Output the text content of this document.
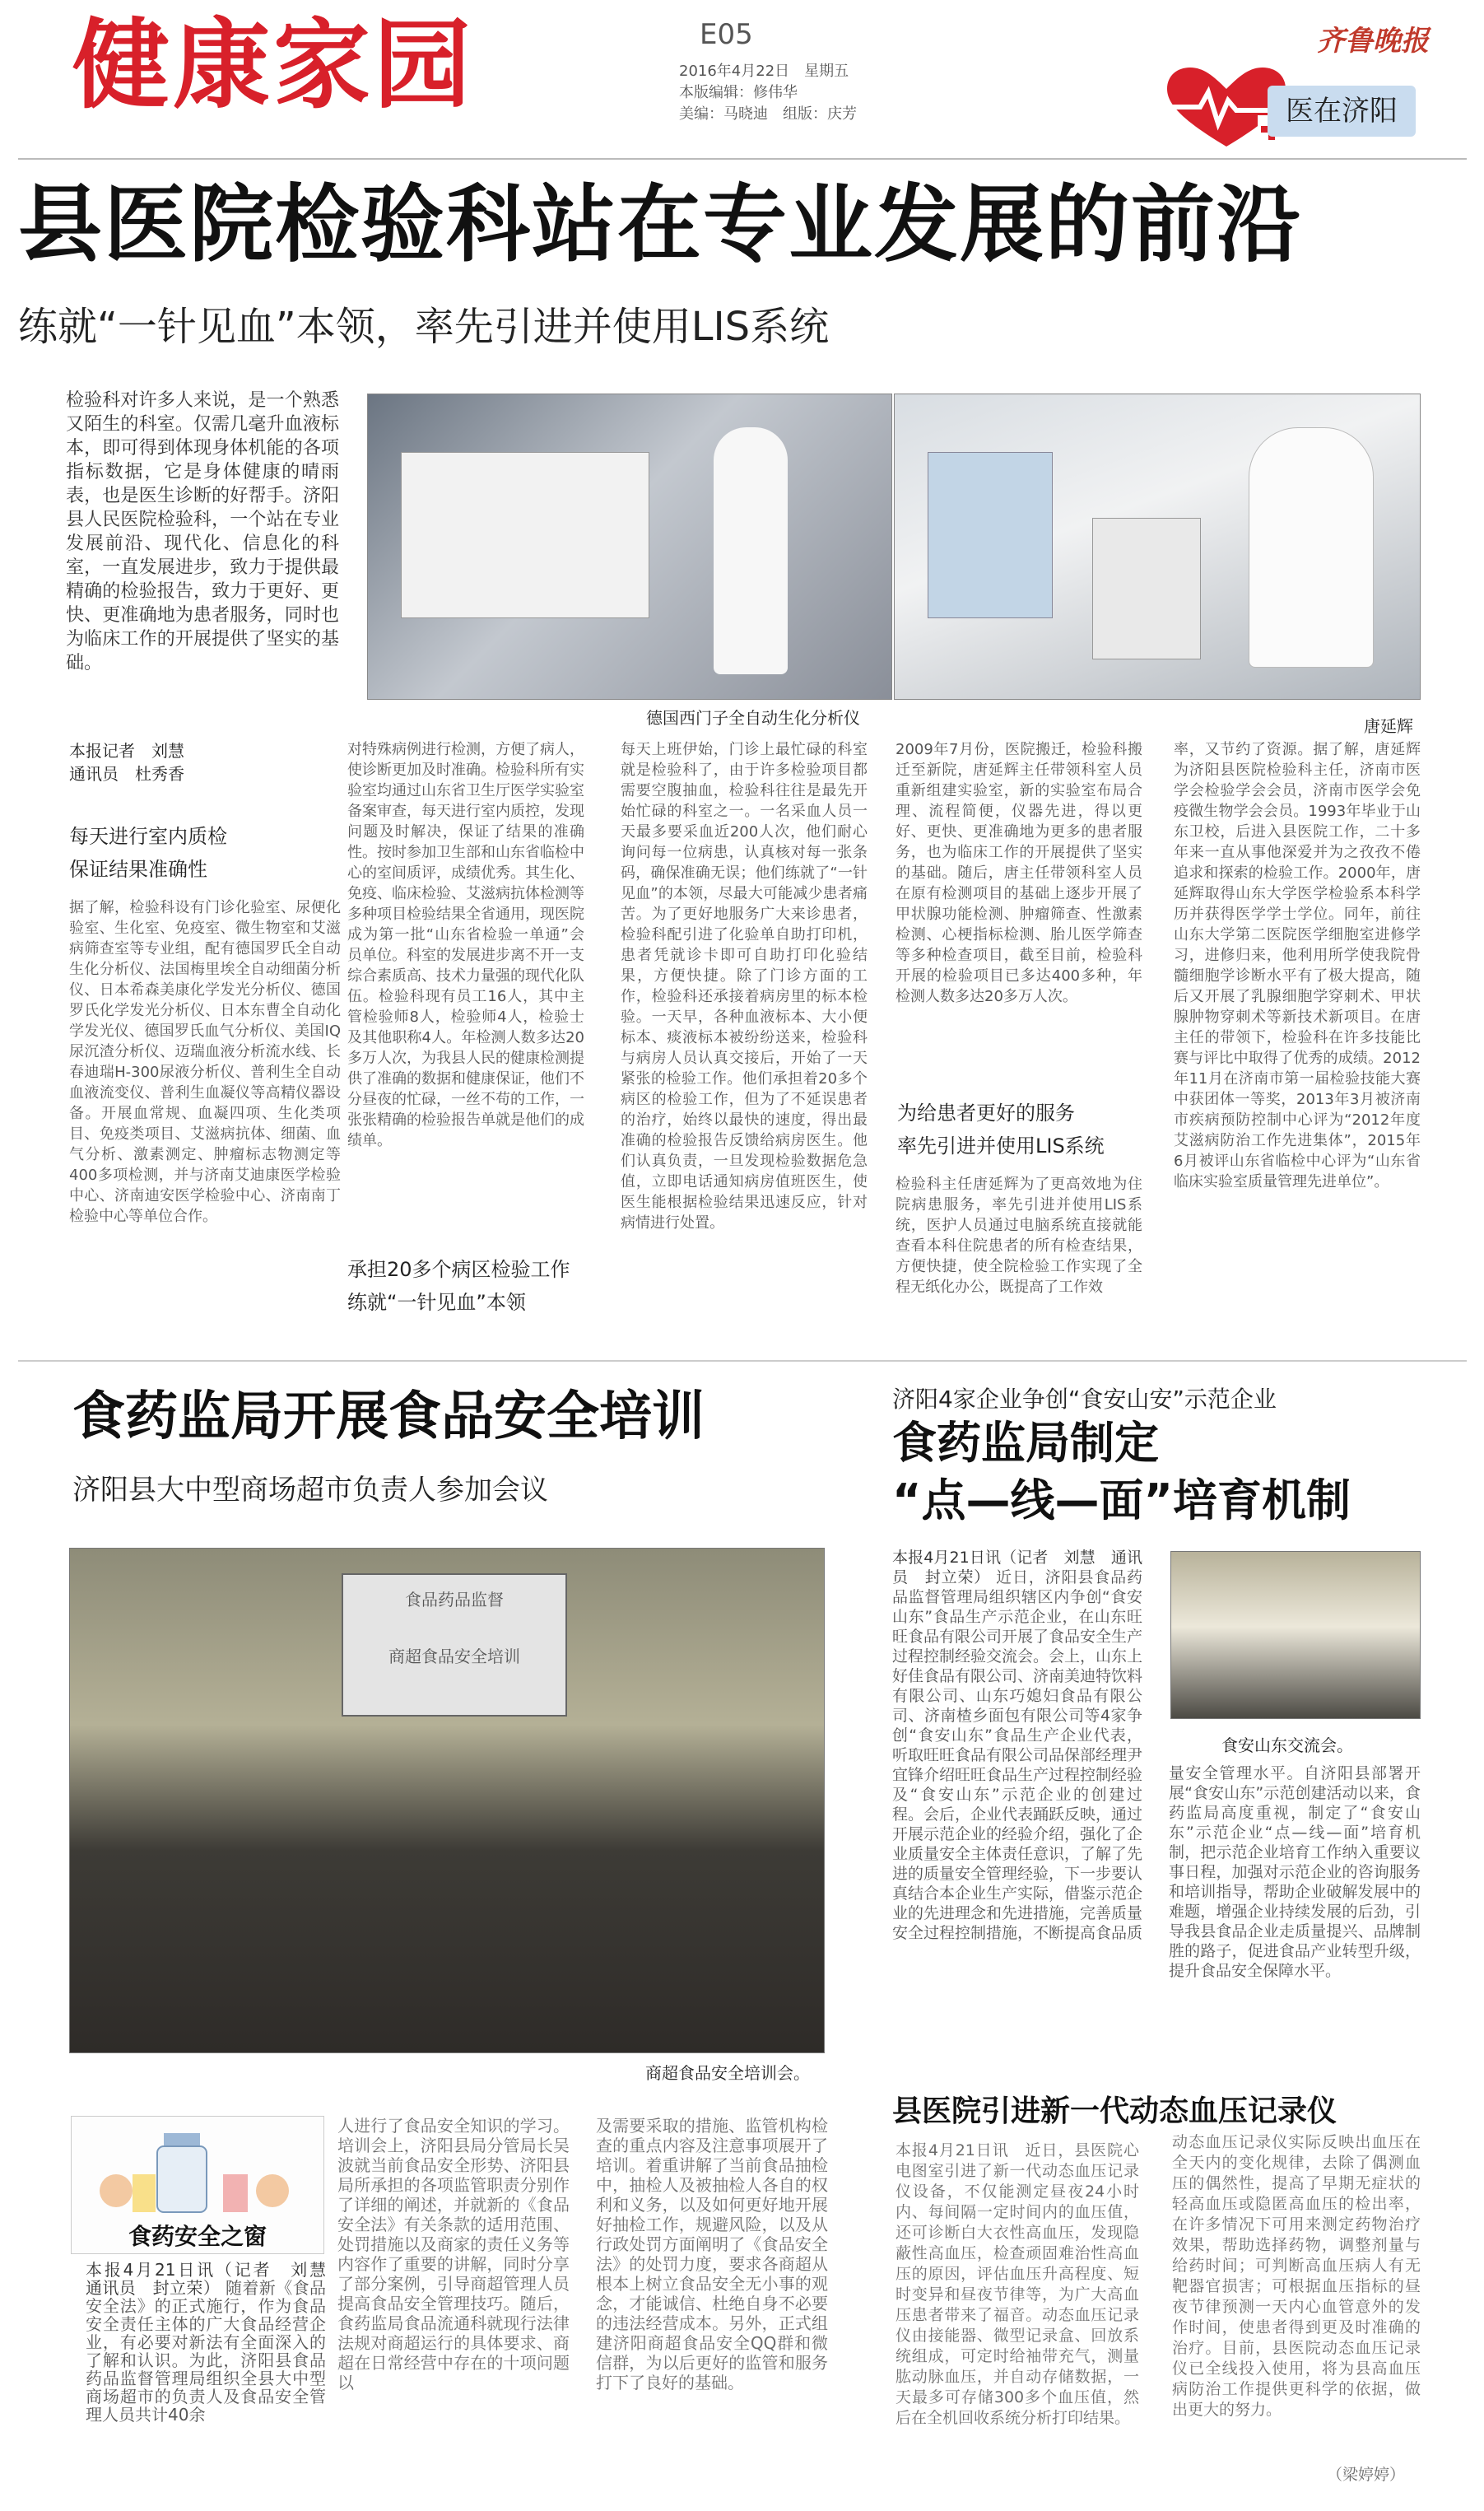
健康家园	E05
2016年4月22日　星期五
本版编辑：修伟华
美编：马晓迪　组版：庆芳
齐鲁晚报
医在济阳
县医院检验科站在专业发展的前沿
练就“一针见血”本领，率先引进并使用LIS系统
检验科对许多人来说，是一个熟悉又陌生的科室。仅需几毫升血液标本，即可得到体现身体机能的各项指标数据，它是身体健康的晴雨表，也是医生诊断的好帮手。济阳县人民医院检验科，一个站在专业发展前沿、现代化、信息化的科室，一直发展进步，致力于提供最精确的检验报告，致力于更好、更快、更准确地为患者服务，同时也为临床工作的开展提供了坚实的基础。
德国西门子全自动生化分析仪	唐延辉
本报记者　刘慧
通讯员　杜秀香
每天进行室内质检
保证结果准确性
据了解，检验科设有门诊化验室、尿便化验室、生化室、免疫室、微生物室和艾滋病筛查室等专业组，配有德国罗氏全自动生化分析仪、法国梅里埃全自动细菌分析仪、日本希森美康化学发光分析仪、德国罗氏化学发光分析仪、日本东曹全自动化学发光仪、德国罗氏血气分析仪、美国IQ尿沉渣分析仪、迈瑞血液分析流水线、长春迪瑞H-300尿液分析仪、普利生全自动血液流变仪、普利生血凝仪等高精仪器设备。开展血常规、血凝四项、生化类项目、免疫类项目、艾滋病抗体、细菌、血气分析、激素测定、肿瘤标志物测定等400多项检测，并与济南艾迪康医学检验中心、济南迪安医学检验中心、济南南丁检验中心等单位合作。
对特殊病例进行检测，方便了病人，使诊断更加及时准确。检验科所有实验室均通过山东省卫生厅医学实验室备案审查，每天进行室内质控，发现问题及时解决，保证了结果的准确性。按时参加卫生部和山东省临检中心的室间质评，成绩优秀。其生化、免疫、临床检验、艾滋病抗体检测等多种项目检验结果全省通用，现医院成为第一批“山东省检验一单通”会员单位。科室的发展进步离不开一支综合素质高、技术力量强的现代化队伍。检验科现有员工16人，其中主管检验师8人，检验师4人，检验士及其他职称4人。年检测人数多达20多万人次，为我县人民的健康检测提供了准确的数据和健康保证，他们不分昼夜的忙碌，一丝不苟的工作，一张张精确的检验报告单就是他们的成绩单。
承担20多个病区检验工作
练就“一针见血”本领
每天上班伊始，门诊上最忙碌的科室就是检验科了，由于许多检验项目都需要空腹抽血，检验科往往是最先开始忙碌的科室之一。一名采血人员一天最多要采血近200人次，他们耐心询问每一位病患，认真核对每一张条码，确保准确无误；他们练就了“一针见血”的本领，尽最大可能减少患者痛苦。为了更好地服务广大来诊患者，检验科配引进了化验单自助打印机，患者凭就诊卡即可自助打印化验结果，方便快捷。除了门诊方面的工作，检验科还承接着病房里的标本检验。一天早，各种血液标本、大小便标本、痰液标本被纷纷送来，检验科与病房人员认真交接后，开始了一天紧张的检验工作。他们承担着20多个病区的检验工作，但为了不延误患者的治疗，始终以最快的速度，得出最准确的检验报告反馈给病房医生。他们认真负责，一旦发现检验数据危急值，立即电话通知病房值班医生，使医生能根据检验结果迅速反应，针对病情进行处置。
2009年7月份，医院搬迁，检验科搬迁至新院，唐延辉主任带领科室人员重新组建实验室，新的实验室布局合理、流程简便，仪器先进，得以更好、更快、更准确地为更多的患者服务，也为临床工作的开展提供了坚实的基础。随后，唐主任带领科室人员在原有检测项目的基础上逐步开展了甲状腺功能检测、肿瘤筛查、性激素检测、心梗指标检测、胎儿医学筛查等多种检查项目，截至目前，检验科开展的检验项目已多达400多种，年检测人数多达20多万人次。
为给患者更好的服务
率先引进并使用LIS系统
检验科主任唐延辉为了更高效地为住院病患服务，率先引进并使用LIS系统，医护人员通过电脑系统直接就能查看本科住院患者的所有检查结果，方便快捷，使全院检验工作实现了全程无纸化办公，既提高了工作效
率，又节约了资源。据了解，唐延辉为济阳县医院检验科主任，济南市医学会检验学会会员，济南市医学会免疫微生物学会会员。1993年毕业于山东卫校，后进入县医院工作，二十多年来一直从事他深爱并为之孜孜不倦追求和探索的检验工作。2000年，唐延辉取得山东大学医学检验系本科学历并获得医学学士学位。同年，前往山东大学第二医院医学细胞室进修学习，进修归来，他利用所学使我院骨髓细胞学诊断水平有了极大提高，随后又开展了乳腺细胞学穿刺术、甲状腺肿物穿刺术等新技术新项目。在唐主任的带领下，检验科在许多技能比赛与评比中取得了优秀的成绩。2012年11月在济南市第一届检验技能大赛中获团体一等奖，2013年3月被济南市疾病预防控制中心评为“2012年度艾滋病防治工作先进集体”，2015年6月被评山东省临检中心评为“山东省临床实验室质量管理先进单位”。
食药监局开展食品安全培训
济阳县大中型商场超市负责人参加会议
食品药品监督
商超食品安全培训
商超食品安全培训会。
食药安全之窗
本报4月21日讯（记者　刘慧　通讯员　封立荣） 随着新《食品安全法》的正式施行，作为食品安全责任主体的广大食品经营企业，有必要对新法有全面深入的了解和认识。为此，济阳县食品药品监督管理局组织全县大中型商场超市的负责人及食品安全管理人员共计40余
人进行了食品安全知识的学习。培训会上，济阳县局分管局长吴波就当前食品安全形势、济阳县局所承担的各项监管职责分别作了详细的阐述，并就新的《食品安全法》有关条款的适用范围、处罚措施以及商家的责任义务等内容作了重要的讲解，同时分享了部分案例，引导商超管理人员提高食品安全管理技巧。随后，食药监局食品流通科就现行法律法规对商超运行的具体要求、商超在日常经营中存在的十项问题以
及需要采取的措施、监管机构检查的重点内容及注意事项展开了培训。着重讲解了当前食品抽检中，抽检人及被抽检人各自的权利和义务，以及如何更好地开展好抽检工作，规避风险，以及从行政处罚方面阐明了《食品安全法》的处罚力度，要求各商超从根本上树立食品安全无小事的观念，才能诚信、杜绝自身不必要的违法经营成本。另外，正式组建济阳商超食品安全QQ群和微信群，为以后更好的监管和服务打下了良好的基础。
济阳4家企业争创“食安山安”示范企业
食药监局制定
“点—线—面”培育机制
本报4月21日讯（记者　刘慧　通讯员　封立荣） 近日，济阳县食品药品监督管理局组织辖区内争创“食安山东”食品生产示范企业，在山东旺旺食品有限公司开展了食品安全生产过程控制经验交流会。会上，山东上好佳食品有限公司、济南美迪特饮料有限公司、山东巧媳妇食品有限公司、济南楂乡面包有限公司等4家争创“食安山东”食品生产企业代表，听取旺旺食品有限公司品保部经理尹宜锋介绍旺旺食品生产过程控制经验及“食安山东”示范企业的创建过程。会后，企业代表踊跃反映，通过开展示范企业的经验介绍，强化了企业质量安全主体责任意识，了解了先进的质量安全管理经验，下一步要认真结合本企业生产实际，借鉴示范企业的先进理念和先进措施，完善质量安全过程控制措施，不断提高食品质
食安山东交流会。
量安全管理水平。自济阳县部署开展“食安山东”示范创建活动以来，食药监局高度重视，制定了“食安山东”示范企业“点—线—面”培育机制，把示范企业培育工作纳入重要议事日程，加强对示范企业的咨询服务和培训指导，帮助企业破解发展中的难题，增强企业持续发展的后劲，引导我县食品企业走质量提兴、品牌制胜的路子，促进食品产业转型升级，提升食品安全保障水平。
县医院引进新一代动态血压记录仪
本报4月21日讯　近日，县医院心电图室引进了新一代动态血压记录仪设备，不仅能测定昼夜24小时内、每间隔一定时间内的血压值，还可诊断白大衣性高血压，发现隐蔽性高血压，检查顽固难治性高血压的原因，评估血压升高程度、短时变异和昼夜节律等，为广大高血压患者带来了福音。动态血压记录仪由接能器、微型记录盒、回放系统组成，可定时给袖带充气，测量肱动脉血压，并自动存储数据，一天最多可存储300多个血压值，然后在全机回收系统分析打印结果。
动态血压记录仪实际反映出血压在全天内的变化规律，去除了偶测血压的偶然性，提高了早期无症状的轻高血压或隐匿高血压的检出率，在许多情况下可用来测定药物治疗效果，帮助选择药物，调整剂量与给药时间；可判断高血压病人有无靶器官损害；可根据血压指标的昼夜节律预测一天内心血管意外的发作时间，使患者得到更及时准确的治疗。目前，县医院动态血压记录仪已全线投入使用，将为县高血压病防治工作提供更科学的依据，做出更大的努力。
（梁婷婷）
